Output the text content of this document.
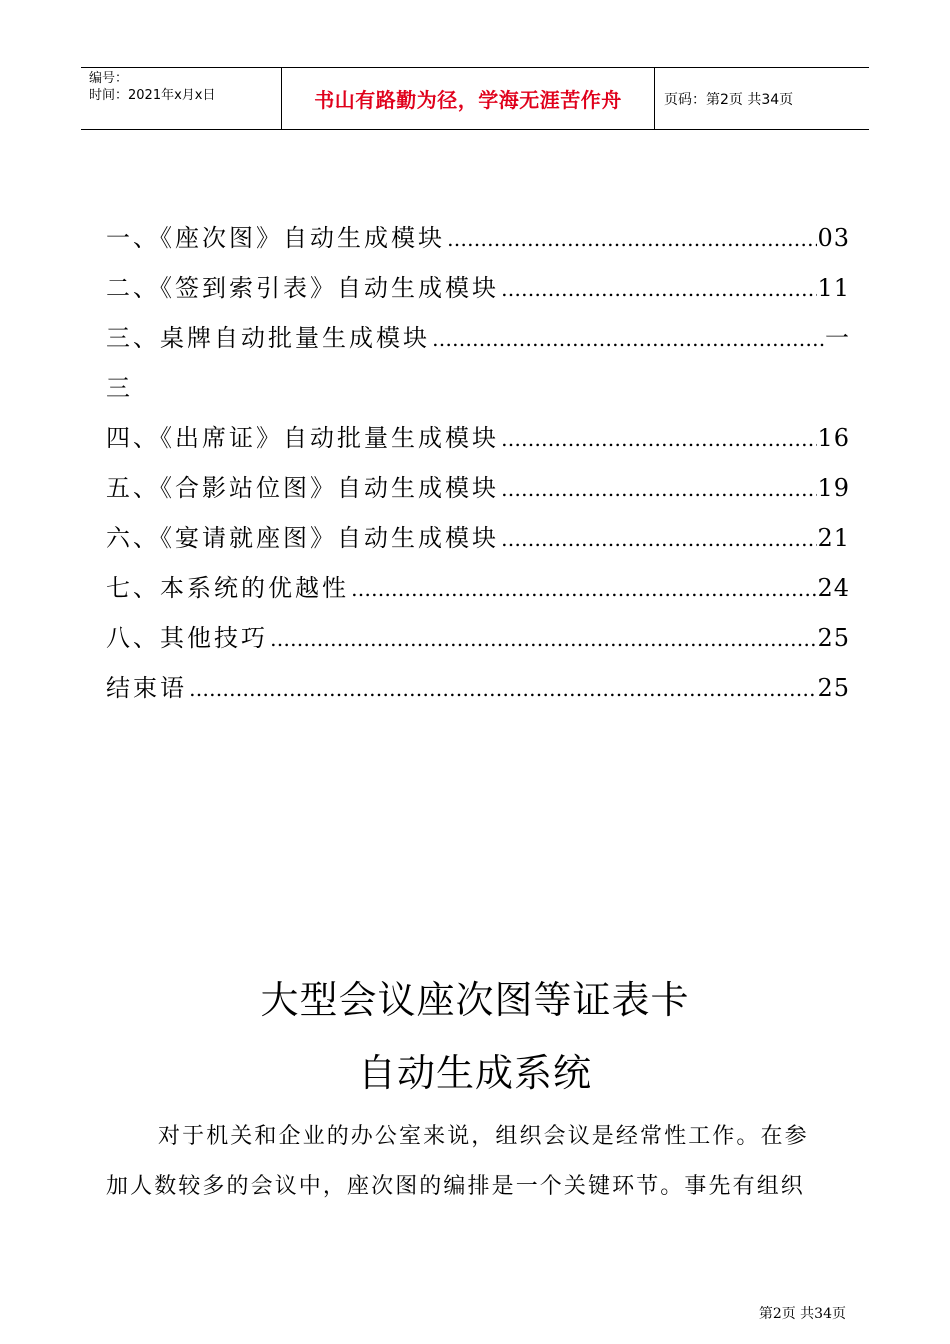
编号：
时间：2021年x月x日	书山有路勤为径，学海无涯苦作舟	页码：第2页 共34页
一、《座次图》自动生成模块 ……………………………………………………………………………………………………………………	03
二、《签到索引表》自动生成模块 ……………………………………………………………………………………………………………………	11
三、桌牌自动批量生成模块 ……………………………………………………………………………………………………………………	一
三
四、《出席证》自动批量生成模块 ……………………………………………………………………………………………………………………	16
五、《合影站位图》自动生成模块 ……………………………………………………………………………………………………………………	19
六、《宴请就座图》自动生成模块 ……………………………………………………………………………………………………………………	21
七、本系统的优越性 ……………………………………………………………………………………………………………………	24
八、其他技巧 ……………………………………………………………………………………………………………………	25
结束语 ……………………………………………………………………………………………………………………	25
大型会议座次图等证表卡
自动生成系统
对于机关和企业的办公室来说，组织会议是经常性工作。在参
加人数较多的会议中，座次图的编排是一个关键环节。事先有组织
第2页 共34页
